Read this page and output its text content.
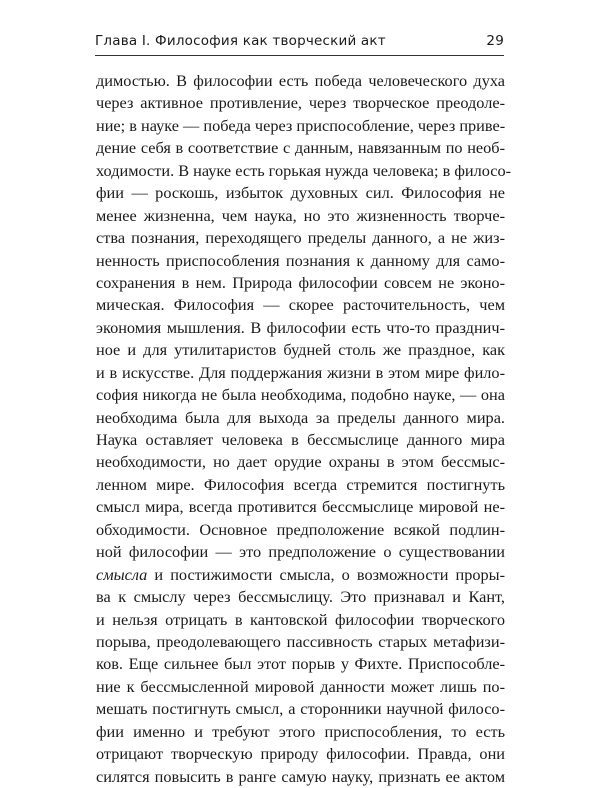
Глава I. Философия как творческий акт	29
димостью. В философии есть победа человеческого духа
через активное противление, через творческое преодоле-
ние; в науке — победа через приспособление, через приве-
дение себя в соответствие с данным, навязанным по необ-
ходимости. В науке есть горькая нужда человека; в филосо-
фии — роскошь, избыток духовных сил. Философия не
менее жизненна, чем наука, но это жизненность творче-
ства познания, переходящего пределы данного, а не жиз-
ненность приспособления познания к данному для само-
сохранения в нем. Природа философии совсем не эконо-
мическая. Философия — скорее расточительность, чем
экономия мышления. В философии есть что-то празднич-
ное и для утилитаристов будней столь же праздное, как
и в искусстве. Для поддержания жизни в этом мире фило-
софия никогда не была необходима, подобно науке, — она
необходима была для выхода за пределы данного мира.
Наука оставляет человека в бессмыслице данного мира
необходимости, но дает орудие охраны в этом бессмыс-
ленном мире. Философия всегда стремится постигнуть
смысл мира, всегда противится бессмыслице мировой не-
обходимости. Основное предположение всякой подлин-
ной философии — это предположение о существовании
смысла и постижимости смысла, о возможности проры-
ва к смыслу через бессмыслицу. Это признавал и Кант,
и нельзя отрицать в кантовской философии творческого
порыва, преодолевающего пассивность старых метафизи-
ков. Еще сильнее был этот порыв у Фихте. Приспособле-
ние к бессмысленной мировой данности может лишь по-
мешать постигнуть смысл, а сторонники научной филосо-
фии именно и требуют этого приспособления, то есть
отрицают творческую природу философии. Правда, они
силятся повысить в ранге самую науку, признать ее актом
